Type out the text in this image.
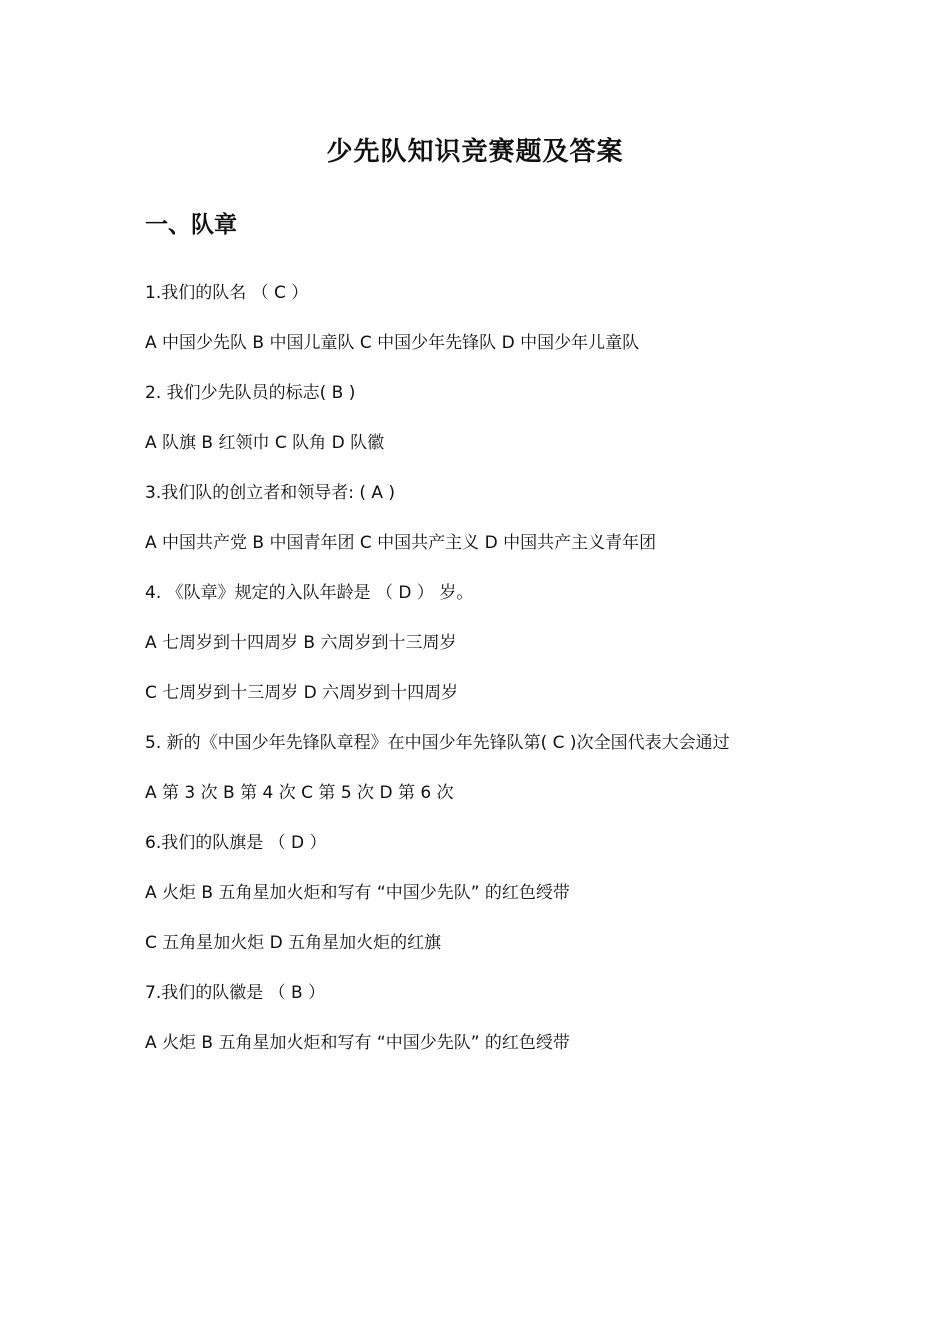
少先队知识竞赛题及答案
一、队章
1.我们的队名 （ C ）
A 中国少先队 B 中国儿童队 C 中国少年先锋队 D 中国少年儿童队
2. 我们少先队员的标志( B )
A 队旗 B 红领巾 C 队角 D 队徽
3.我们队的创立者和领导者: ( A )
A 中国共产党 B 中国青年团 C 中国共产主义 D 中国共产主义青年团
4. 《队章》规定的入队年龄是 （ D ） 岁。
A 七周岁到十四周岁 B 六周岁到十三周岁
C 七周岁到十三周岁 D 六周岁到十四周岁
5. 新的《中国少年先锋队章程》在中国少年先锋队第( C )次全国代表大会通过
A 第 3 次 B 第 4 次 C 第 5 次 D 第 6 次
6.我们的队旗是 （ D ）
A 火炬 B 五角星加火炬和写有 “中国少先队” 的红色绶带
C 五角星加火炬 D 五角星加火炬的红旗
7.我们的队徽是 （ B ）
A 火炬 B 五角星加火炬和写有 “中国少先队” 的红色绶带
